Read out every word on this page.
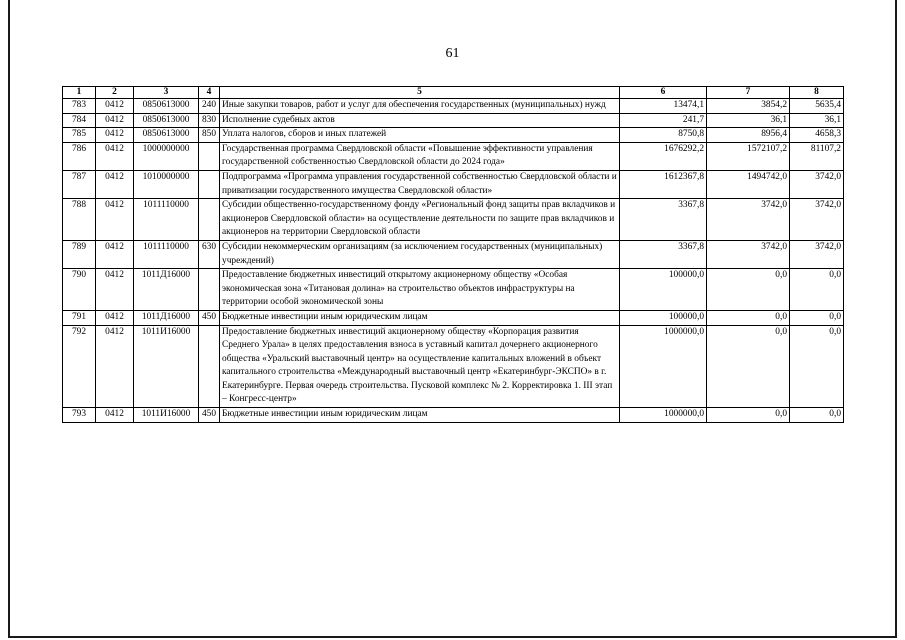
61
1	2	3	4	5	6	7	8
783	0412	0850613000	240	Иные закупки товаров, работ и услуг для обеспечения государственных (муниципальных) нужд	13474,1	3854,2	5635,4
784	0412	0850613000	830	Исполнение судебных актов	241,7	36,1	36,1
785	0412	0850613000	850	Уплата налогов, сборов и иных платежей	8750,8	8956,4	4658,3
786	0412	1000000000		Государственная программа Свердловской области «Повышение эффективности управления государственной собственностью Свердловской области до 2024 года»	1676292,2	1572107,2	81107,2
787	0412	1010000000		Подпрограмма «Программа управления государственной собственностью Свердловской области и приватизации государственного имущества Свердловской области»	1612367,8	1494742,0	3742,0
788	0412	1011110000		Субсидии общественно-государственному фонду «Региональный фонд защиты прав вкладчиков и акционеров Свердловской области» на осуществление деятельности по защите прав вкладчиков и акционеров на территории Свердловской области	3367,8	3742,0	3742,0
789	0412	1011110000	630	Субсидии некоммерческим организациям (за исключением государственных (муниципальных) учреждений)	3367,8	3742,0	3742,0
790	0412	1011Д16000		Предоставление бюджетных инвестиций открытому акционерному обществу «Особая экономическая зона «Титановая долина» на строительство объектов инфраструктуры на территории особой экономической зоны	100000,0	0,0	0,0
791	0412	1011Д16000	450	Бюджетные инвестиции иным юридическим лицам	100000,0	0,0	0,0
792	0412	1011И16000		Предоставление бюджетных инвестиций акционерному обществу «Корпорация развития Среднего Урала» в целях предоставления взноса в уставный капитал дочернего акционерного общества «Уральский выставочный центр» на осуществление капитальных вложений в объект капитального строительства «Международный выставочный центр «Екатеринбург-ЭКСПО» в г. Екатеринбурге. Первая очередь строительства. Пусковой комплекс № 2. Корректировка 1. III этап – Конгресс-центр»	1000000,0	0,0	0,0
793	0412	1011И16000	450	Бюджетные инвестиции иным юридическим лицам	1000000,0	0,0	0,0
